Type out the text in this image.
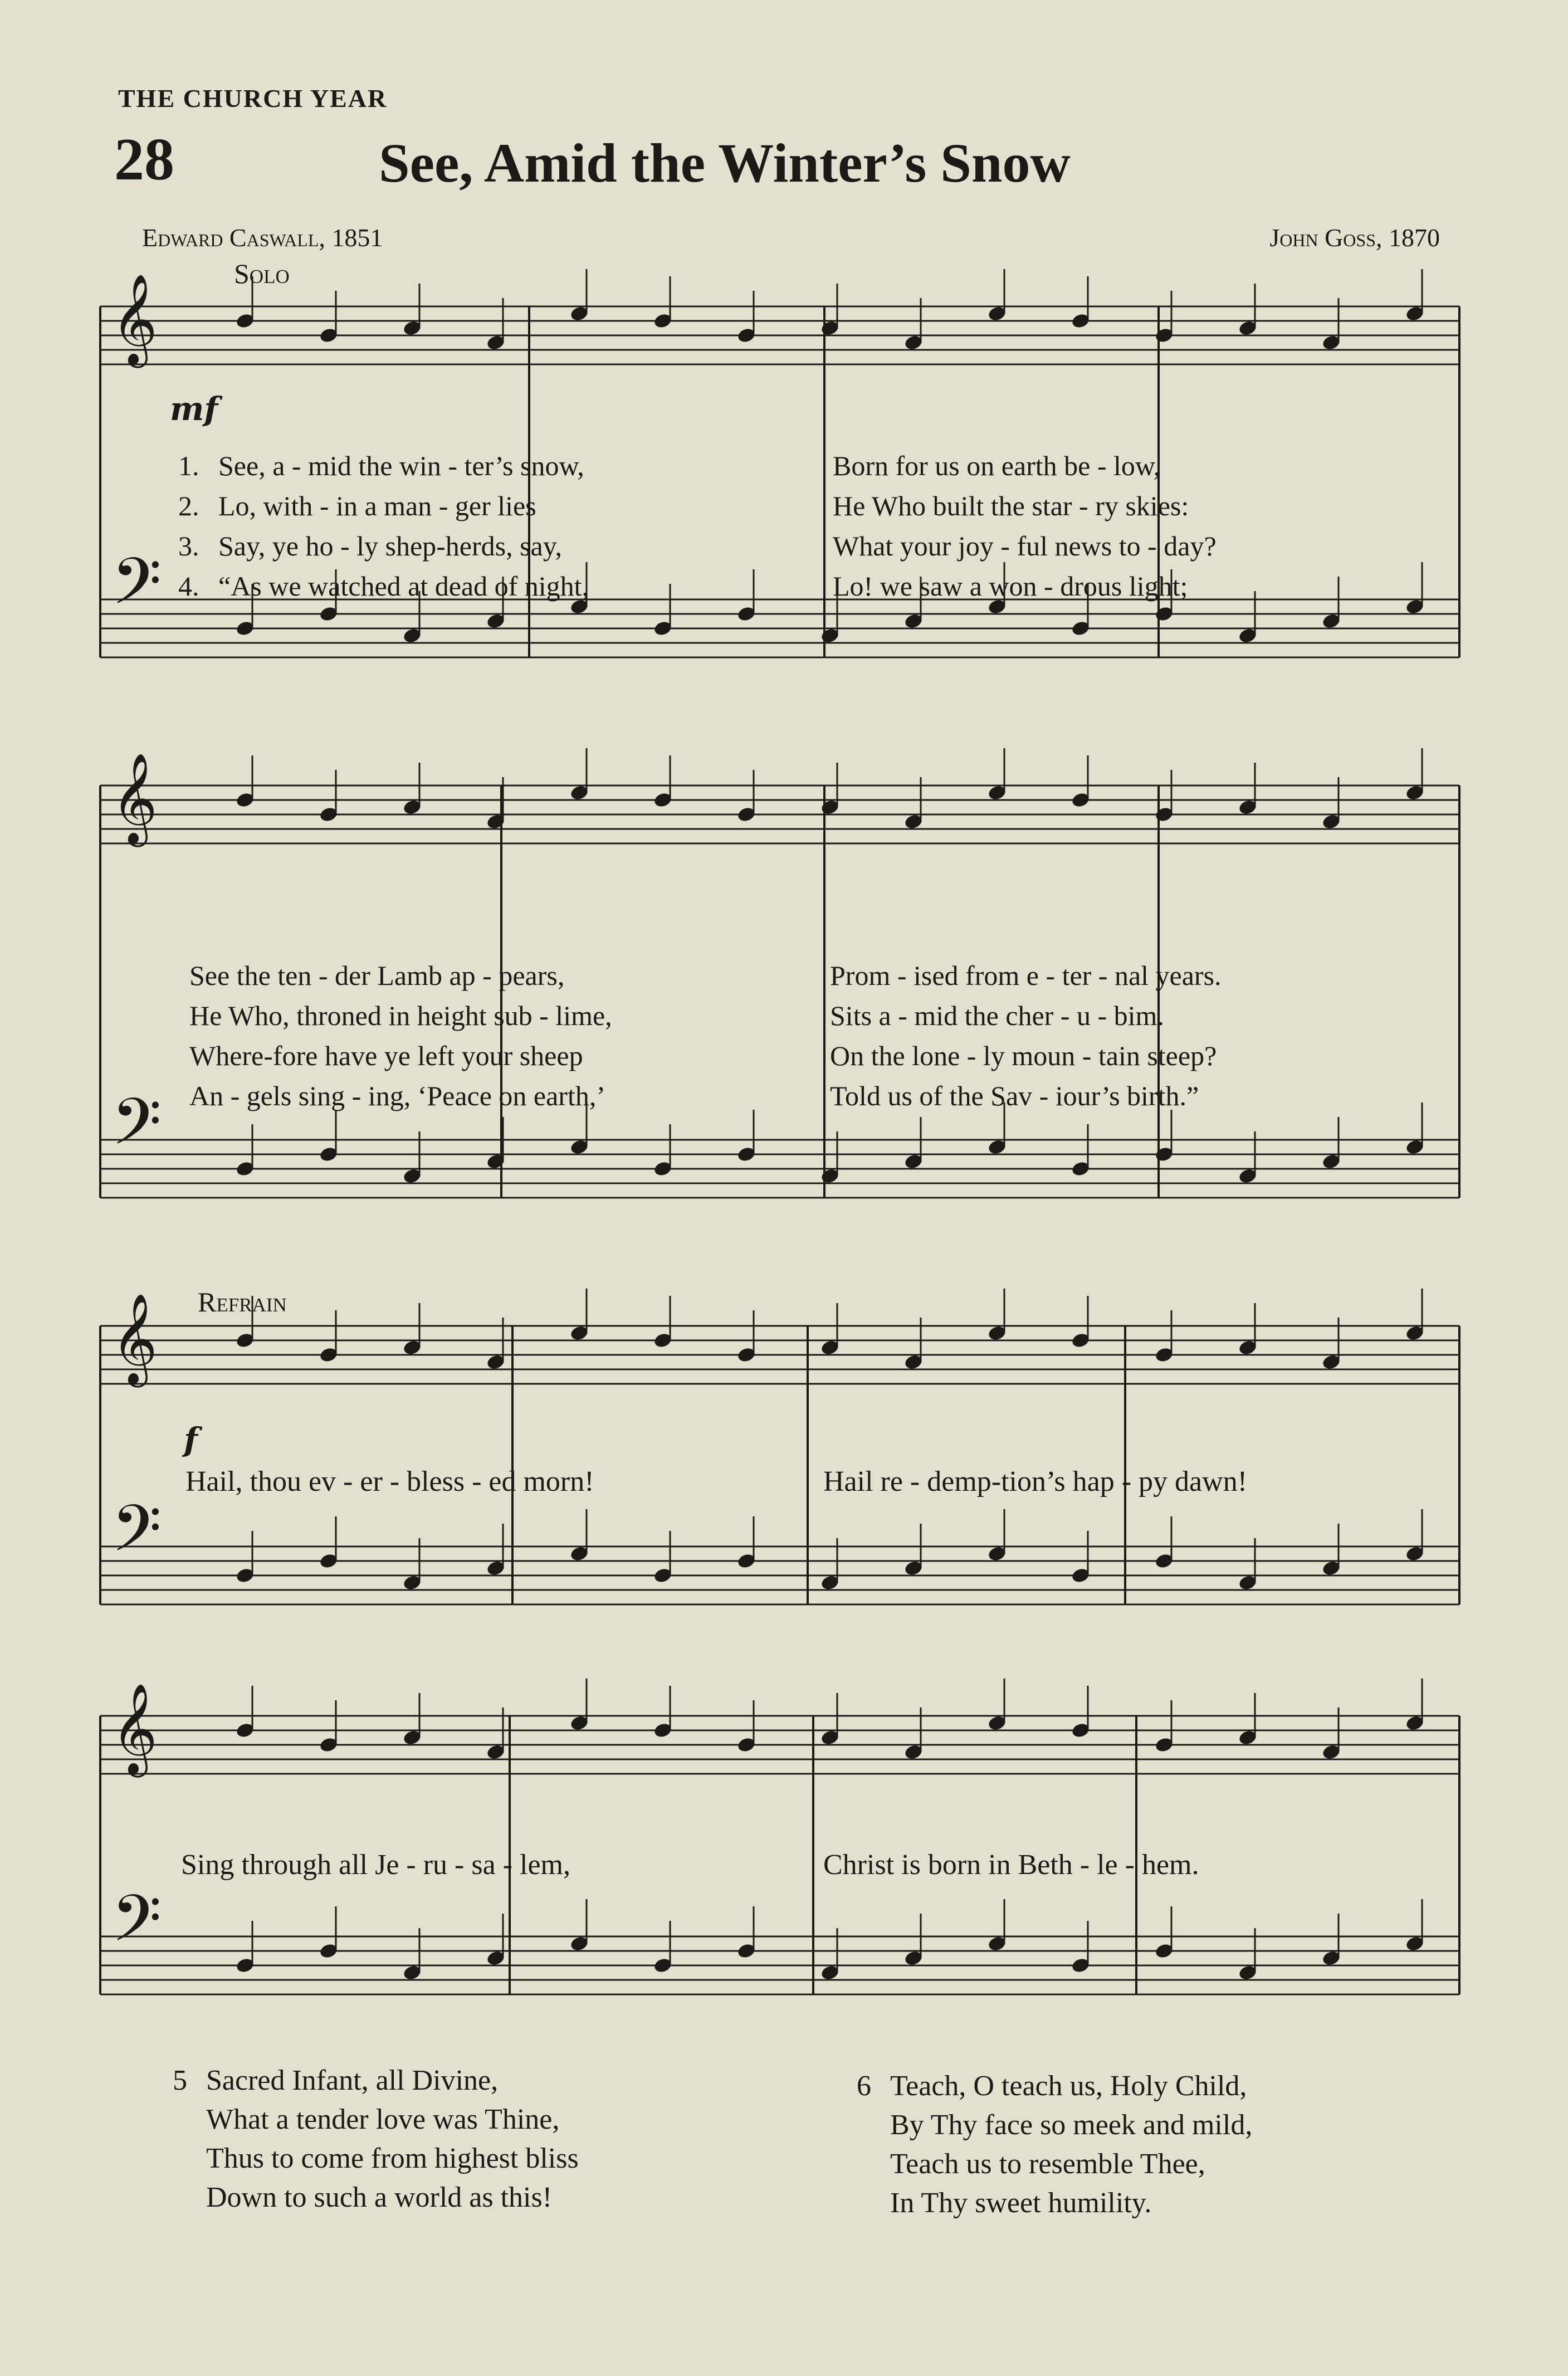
THE CHURCH YEAR
28	See, Amid the Winter’s Snow
Edward Caswall, 1851	John Goss, 1870
Solo
𝄞
𝄢
mf
1. See, a - mid the win - ter’s snow,	Born for us on earth be - low,
2. Lo, with - in a man - ger lies	He Who built the star - ry skies:
3. Say, ye ho - ly shep-herds, say,	What your joy - ful news to - day?
4. “As we watched at dead of night,	Lo! we saw a won - drous light;
𝄞
𝄢
See the ten - der Lamb ap - pears,	Prom - ised from e - ter - nal years.
He Who, throned in height sub - lime,	Sits a - mid the cher - u - bim.
Where-fore have ye left your sheep	On the lone - ly moun - tain steep?
An - gels sing - ing, ‘Peace on earth,’	Told us of the Sav - iour’s birth.”
Refrain
𝄞
𝄢
f
Hail, thou ev - er - bless - ed morn!	Hail re - demp-tion’s hap - py dawn!
𝄞
𝄢
Sing through all Je - ru - sa - lem,	Christ is born in Beth - le - hem.
5 Sacred Infant, all Divine,
What a tender love was Thine,
Thus to come from highest bliss
Down to such a world as this!
6 Teach, O teach us, Holy Child,
By Thy face so meek and mild,
Teach us to resemble Thee,
In Thy sweet humility.
